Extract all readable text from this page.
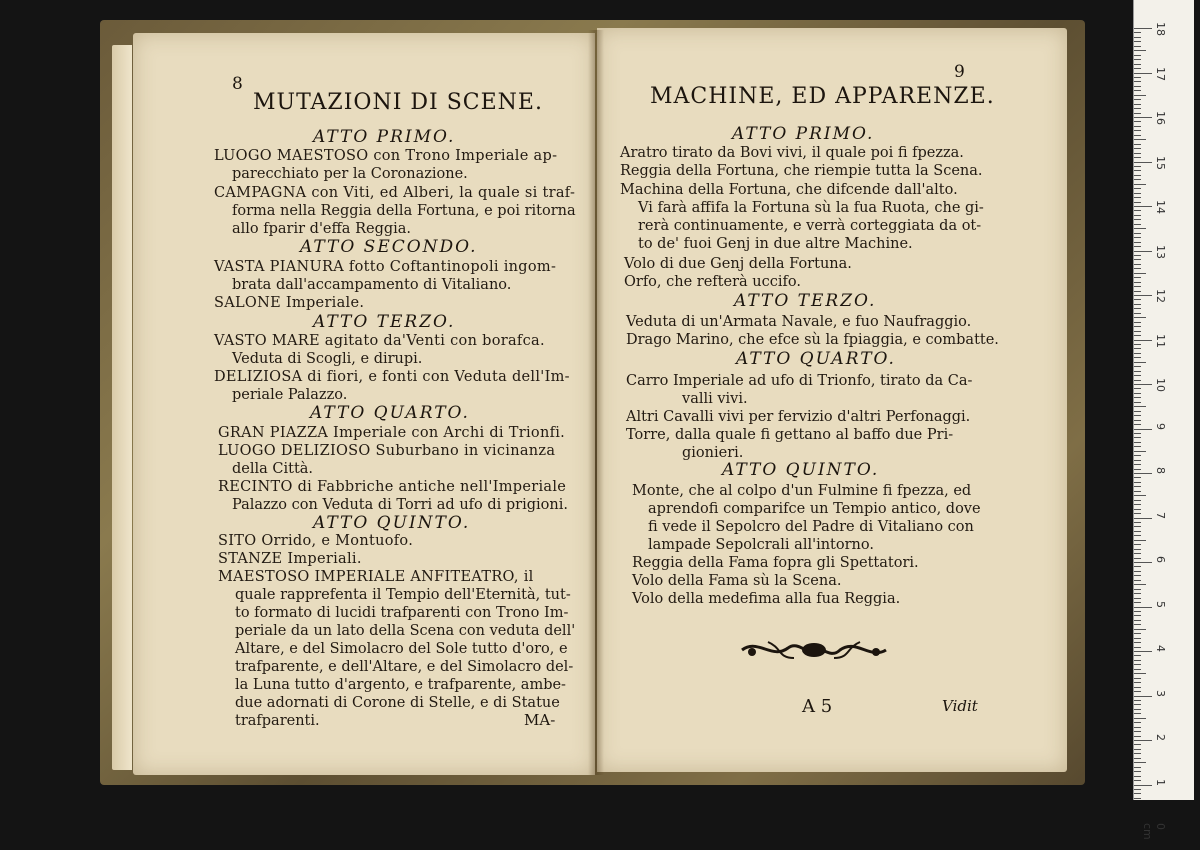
8
MUTAZIONI DI SCENE.
ATTO PRIMO.
LUOGO MAESTOSO con Trono Imperiale ap-
parecchiato per la Coronazione.
CAMPAGNA con Viti, ed Alberi, la quale si traf-
forma nella Reggia della Fortuna, e poi ritorna
allo fparir d'effa Reggia.
ATTO SECONDO.
VASTA PIANURA fotto Coftantinopoli ingom-
brata dall'accampamento di Vitaliano.
SALONE Imperiale.
ATTO TERZO.
VASTO MARE agitato da'Venti con borafca.
Veduta di Scogli, e dirupi.
DELIZIOSA di fiori, e fonti con Veduta dell'Im-
periale Palazzo.
ATTO QUARTO.
GRAN PIAZZA Imperiale con Archi di Trionfi.
LUOGO DELIZIOSO Suburbano in vicinanza
della Città.
RECINTO di Fabbriche antiche nell'Imperiale
Palazzo con Veduta di Torri ad ufo di prigioni.
ATTO QUINTO.
SITO Orrido, e Montuofo.
STANZE Imperiali.
MAESTOSO IMPERIALE ANFITEATRO, il
quale rapprefenta il Tempio dell'Eternità, tut-
to formato di lucidi trafparenti con Trono Im-
periale da un lato della Scena con veduta dell'
Altare, e del Simolacro del Sole tutto d'oro, e
trafparente, e dell'Altare, e del Simolacro del-
la Luna tutto d'argento, e trafparente, ambe-
due adornati di Corone di Stelle, e di Statue
trafparenti.	MA-
9
MACHINE, ED APPARENZE.
ATTO PRIMO.
Aratro tirato da Bovi vivi, il quale poi fi fpezza.
Reggia della Fortuna, che riempie tutta la Scena.
Machina della Fortuna, che difcende dall'alto.
Vi farà affifa la Fortuna sù la fua Ruota, che gi-
rerà continuamente, e verrà corteggiata da ot-
to de' fuoi Genj in due altre Machine.
Volo di due Genj della Fortuna.
Orfo, che refterà uccifo.
ATTO TERZO.
Veduta di un'Armata Navale, e fuo Naufraggio.
Drago Marino, che efce sù la fpiaggia, e combatte.
ATTO QUARTO.
Carro Imperiale ad ufo di Trionfo, tirato da Ca-
valli vivi.
Altri Cavalli vivi per fervizio d'altri Perfonaggi.
Torre, dalla quale fi gettano al baffo due Pri-
gionieri.
ATTO QUINTO.
Monte, che al colpo d'un Fulmine fi fpezza, ed
aprendofi comparifce un Tempio antico, dove
fi vede il Sepolcro del Padre di Vitaliano con
lampade Sepolcrali all'intorno.
Reggia della Fama fopra gli Spettatori.
Volo della Fama sù la Scena.
Volo della medefima alla fua Reggia.
A 5	Vidit
18
17
16
15
14
13
12
11
10
9
8
7
6
5
4
3
2
1
0 cm
